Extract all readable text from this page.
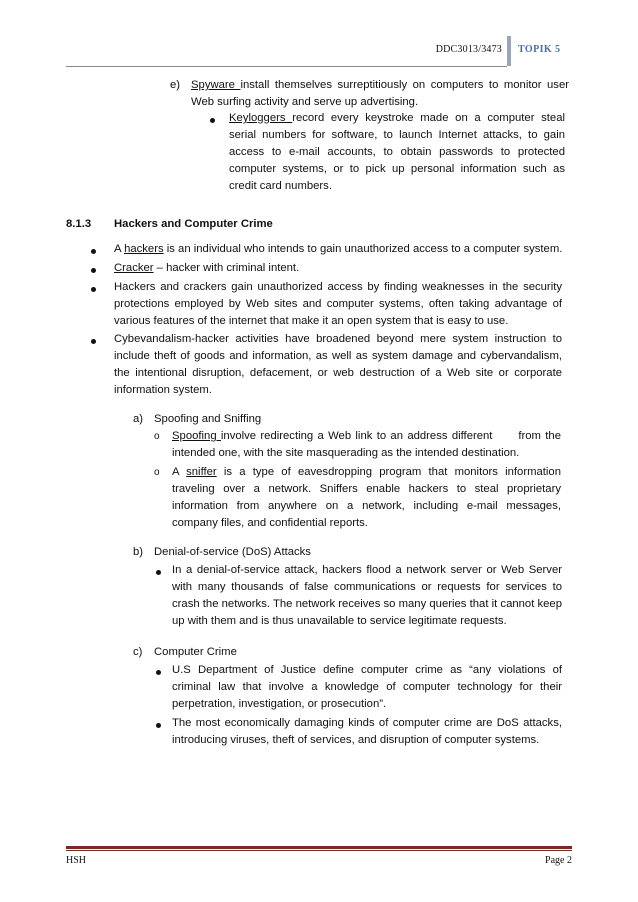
DDC3013/3473 TOPIK 5
e) Spyware install themselves surreptitiously on computers to monitor user Web surfing activity and serve up advertising.
Keyloggers record every keystroke made on a computer steal serial numbers for software, to launch Internet attacks, to gain access to e-mail accounts, to obtain passwords to protected computer systems, or to pick up personal information such as credit card numbers.
8.1.3 Hackers and Computer Crime
A hackers is an individual who intends to gain unauthorized access to a computer system.
Cracker – hacker with criminal intent.
Hackers and crackers gain unauthorized access by finding weaknesses in the security protections employed by Web sites and computer systems, often taking advantage of various features of the internet that make it an open system that is easy to use.
Cybevandalism-hacker activities have broadened beyond mere system instruction to include theft of goods and information, as well as system damage and cybervandalism, the intentional disruption, defacement, or web destruction of a Web site or corporate information system.
a) Spoofing and Sniffing
o Spoofing involve redirecting a Web link to an address different      from the intended one, with the site masquerading as the intended destination.
o A sniffer is a type of eavesdropping program that monitors information traveling over a network. Sniffers enable hackers to steal proprietary information from anywhere on a network, including e-mail messages, company files, and confidential reports.
b) Denial-of-service (DoS) Attacks
In a denial-of-service attack, hackers flood a network server or Web Server with many thousands of false communications or requests for services to crash the networks. The network receives so many queries that it cannot keep up with them and is thus unavailable to service legitimate requests.
c) Computer Crime
U.S Department of Justice define computer crime as “any violations of criminal law that involve a knowledge of computer technology for their perpetration, investigation, or prosecution”.
The most economically damaging kinds of computer crime are DoS attacks, introducing viruses, theft of services, and disruption of computer systems.
HSH	Page 2
